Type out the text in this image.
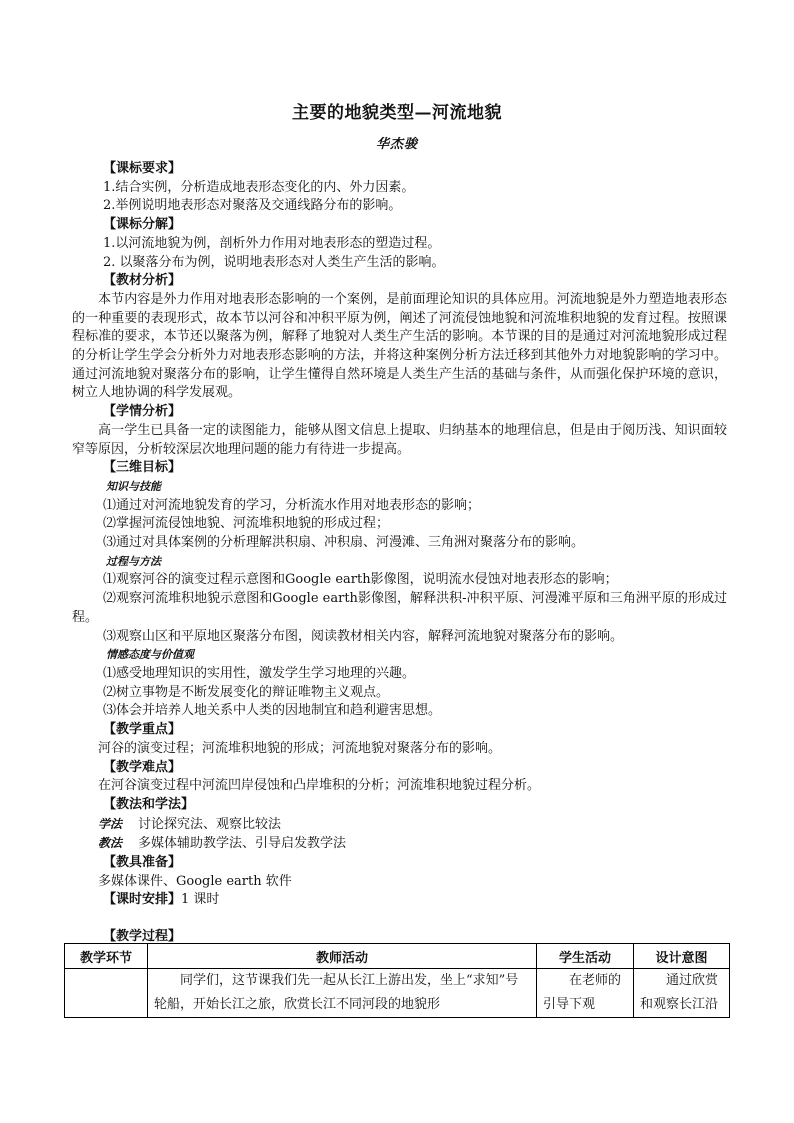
主要的地貌类型—河流地貌
华杰骏

【课标要求】

1.结合实例，分析造成地表形态变化的内、外力因素。

2.举例说明地表形态对聚落及交通线路分布的影响。

【课标分解】

1.以河流地貌为例，剖析外力作用对地表形态的塑造过程。

2. 以聚落分布为例，说明地表形态对人类生产生活的影响。

【教材分析】

本节内容是外力作用对地表形态影响的一个案例，是前面理论知识的具体应用。河流地貌是外力塑造地表形态的一种重要的表现形式，故本节以河谷和冲积平原为例，阐述了河流侵蚀地貌和河流堆积地貌的发育过程。按照课程标准的要求，本节还以聚落为例，解释了地貌对人类生产生活的影响。本节课的目的是通过对河流地貌形成过程的分析让学生学会分析外力对地表形态影响的方法，并将这种案例分析方法迁移到其他外力对地貌影响的学习中。通过河流地貌对聚落分布的影响，让学生懂得自然环境是人类生产生活的基础与条件，从而强化保护环境的意识，树立人地协调的科学发展观。

【学情分析】

高一学生已具备一定的读图能力，能够从图文信息上提取、归纳基本的地理信息，但是由于阅历浅、知识面较窄等原因，分析较深层次地理问题的能力有待进一步提高。

【三维目标】

知识与技能

⑴通过对河流地貌发育的学习，分析流水作用对地表形态的影响；

⑵掌握河流侵蚀地貌、河流堆积地貌的形成过程；

⑶通过对具体案例的分析理解洪积扇、冲积扇、河漫滩、三角洲对聚落分布的影响。

过程与方法

⑴观察河谷的演变过程示意图和Google earth影像图，说明流水侵蚀对地表形态的影响；

⑵观察河流堆积地貌示意图和Google earth影像图，解释洪积-冲积平原、河漫滩平原和三角洲平原的形成过程。

⑶观察山区和平原地区聚落分布图，阅读教材相关内容，解释河流地貌对聚落分布的影响。

情感态度与价值观

⑴感受地理知识的实用性，激发学生学习地理的兴趣。

⑵树立事物是不断发展变化的辩证唯物主义观点。

⑶体会并培养人地关系中人类的因地制宜和趋利避害思想。

【教学重点】

河谷的演变过程；河流堆积地貌的形成；河流地貌对聚落分布的影响。

【教学难点】

在河谷演变过程中河流凹岸侵蚀和凸岸堆积的分析；河流堆积地貌过程分析。

【教法和学法】

学法 讨论探究法、观察比较法

教法 多媒体辅助教学法、引导启发教学法

【教具准备】

多媒体课件、Google earth 软件

【课时安排】1 课时

【教学过程】
教学环节	教师活动	学生活动	设计意图
	同学们，这节课我们先一起从长江上游出发，坐上“求知”号轮船，开始长江之旅，欣赏长江不同河段的地貌形	在老师的引导下观	通过欣赏和观察长江沿
